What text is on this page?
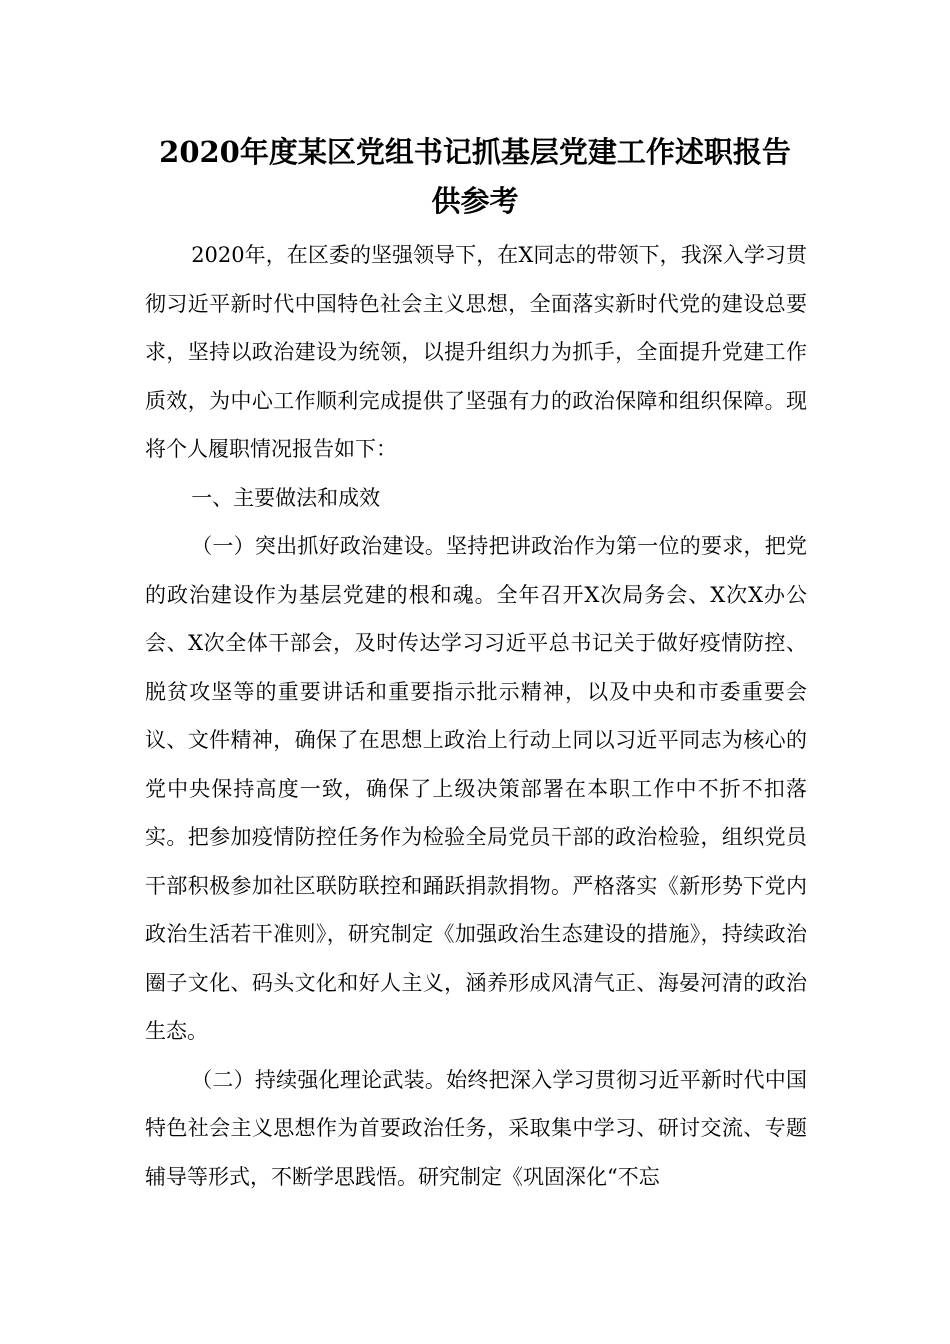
2020年度某区党组书记抓基层党建工作述职报告供参考

2020年，在区委的坚强领导下，在X同志的带领下，我深入学习贯彻习近平新时代中国特色社会主义思想，全面落实新时代党的建设总要求，坚持以政治建设为统领，以提升组织力为抓手，全面提升党建工作质效，为中心工作顺利完成提供了坚强有力的政治保障和组织保障。现将个人履职情况报告如下：

一、主要做法和成效

（一）突出抓好政治建设。坚持把讲政治作为第一位的要求，把党的政治建设作为基层党建的根和魂。全年召开X次局务会、X次X办公会、X次全体干部会，及时传达学习习近平总书记关于做好疫情防控、脱贫攻坚等的重要讲话和重要指示批示精神，以及中央和市委重要会议、文件精神，确保了在思想上政治上行动上同以习近平同志为核心的党中央保持高度一致，确保了上级决策部署在本职工作中不折不扣落实。把参加疫情防控任务作为检验全局党员干部的政治检验，组织党员干部积极参加社区联防联控和踊跃捐款捐物。严格落实《新形势下党内政治生活若干准则》，研究制定《加强政治生态建设的措施》，持续政治圈子文化、码头文化和好人主义，涵养形成风清气正、海晏河清的政治生态。

（二）持续强化理论武装。始终把深入学习贯彻习近平新时代中国特色社会主义思想作为首要政治任务，采取集中学习、研讨交流、专题辅导等形式，不断学思践悟。研究制定《巩固深化“不忘
